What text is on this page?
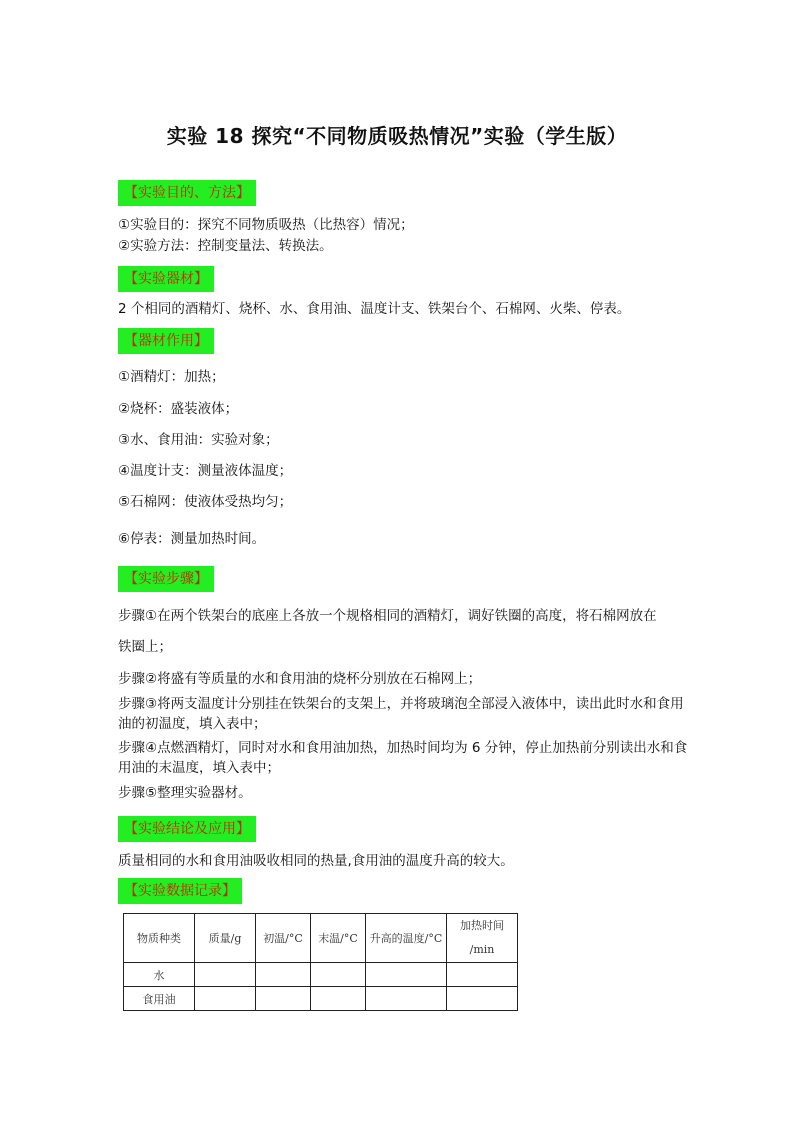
实验 18 探究“不同物质吸热情况”实验（学生版）
【实验目的、方法】
①实验目的：探究不同物质吸热（比热容）情况；
②实验方法：控制变量法、转换法。
【实验器材】
2 个相同的酒精灯、烧杯、水、食用油、温度计支、铁架台个、石棉网、火柴、停表。
【器材作用】
①酒精灯：加热；
②烧杯：盛装液体；
③水、食用油：实验对象；
④温度计支：测量液体温度；
⑤石棉网：使液体受热均匀；
⑥停表：测量加热时间。
【实验步骤】
步骤①在两个铁架台的底座上各放一个规格相同的酒精灯，调好铁圈的高度，将石棉网放在
铁圈上；
步骤②将盛有等质量的水和食用油的烧杯分别放在石棉网上；
步骤③将两支温度计分别挂在铁架台的支架上，并将玻璃泡全部浸入液体中，读出此时水和食用油的初温度，填入表中；
步骤④点燃酒精灯，同时对水和食用油加热，加热时间均为 6 分钟，停止加热前分别读出水和食用油的末温度，填入表中；
步骤⑤整理实验器材。
【实验结论及应用】
质量相同的水和食用油吸收相同的热量,食用油的温度升高的较大。
【实验数据记录】
物质种类	质量/g	初温/°C	末温/°C	升高的温度/°C	加热时间
/min
水					
食用油					
